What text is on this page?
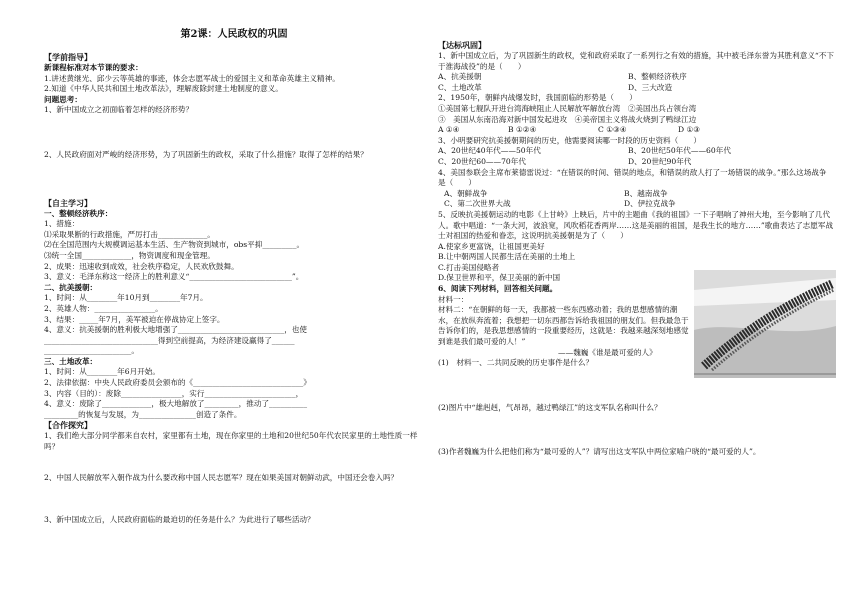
第2课：人民政权的巩固
【学前指导】
新课程标准对本节课的要求：
1.讲述黄继光、邱少云等英雄的事迹，体会志愿军战士的爱国主义和革命英雄主义精神。
2.知道《中华人民共和国土地改革法》，理解废除封建土地制度的意义。
问题思考：
1、新中国成立之初面临着怎样的经济形势？
2、人民政府面对严峻的经济形势，为了巩固新生的政权，采取了什么措施？取得了怎样的结果？
【自主学习】
一、整顿经济秩序：
1、措施：
⑴采取果断的行政措施，严厉打击_____________。
⑵在全国范围内大规模调运基本生活、生产物资到城市，obs平抑_________。
⑶统一全国_____________，物资调度和现金管理。
2、成果：迅速收到成效，社会秩序稳定，人民欢欣鼓舞。
3、意义：毛泽东称这一经济上的胜利意义“___________________________”。
二、抗美援朝：
1、时间：从________年10月到________年7月。
2、英雄人物：________________。
3、结果：_____年7月，美军被迫在停战协定上签字。
4、意义：抗美援朝的胜利极大地增强了____________________________，也使
______________________________得到空前提高，为经济建设赢得了______
_______________________。
三、土地改革：
1、时间：从________年6月开始。
2、法律依据：中央人民政府委员会颁布的《_____________________________》
3、内容（目的）：废除________________，实行________________________，
4、意义：废除了_____________，极大地解放了_________，推动了__________
_________的恢复与发展，为_______________创造了条件。
【合作探究】
1、我们绝大部分同学都来自农村，家里都有土地，现在你家里的土地和20世纪50年代农民家里的土地性质一样吗？
2、中国人民解放军入朝作战为什么要改称中国人民志愿军？现在如果美国对朝鲜动武，中国还会卷入吗？
3、新中国成立后，人民政府面临的最迫切的任务是什么？为此进行了哪些活动？
【达标巩固】
1、新中国成立后，为了巩固新生的政权，党和政府采取了一系列行之有效的措施，其中被毛泽东誉为其胜利意义“不下于淮海战役”的是（　　）
A、抗美援朝	B、整顿经济秩序
C、土地改革	D、三大改造
2、1950年，朝鲜内战爆发时，我国面临的形势是（　　）
①美国第七舰队开进台湾海峡阻止人民解放军解放台湾　②美国出兵占领台湾
③　美国从东南沿海对新中国发起进攻　④美帝国主义将战火烧到了鸭绿江边
A ①④	B ①②④	C ①③④	D ①③
3、小明要研究抗美援朝期间的历史，他需要阅读哪一时段的历史资料（　　）
A、20世纪40年代——50年代	B、20世纪50年代——60年代
C、20世纪60——70年代	D、20世纪90年代
4、美国参联会主席布莱德雷说过：“在错误的时间、错误的地点，和错误的敌人打了一场错误的战争。”那么这场战争是（　　）
A、朝鲜战争	B、越南战争
C、第二次世界大战	D、伊拉克战争
5、反映抗美援朝运动的电影《上甘岭》上映后，片中的主题曲《我的祖国》一下子唱响了神州大地，至今影响了几代人。歌中唱道：“一条大河，波浪宽，风吹稻花香两岸……这是美丽的祖国，是我生长的地方……”歌曲表达了志愿军战士对祖国的热爱和眷恋，这说明抗美援朝是为了（　　）
A.使家乡更富饶，让祖国更美好
B.让中朝两国人民都生活在美丽的土地上
C.打击美国侵略者
D.保卫世界和平，保卫美丽的新中国
6、阅读下列材料，回答相关问题。
材料一：
材料二：“在朝鲜的每一天，我都被一些东西感动着；我的思想感情的潮水，在放纵奔流着；我想把一切东西都告诉给我祖国的朋友们。但我最急于告诉你们的，是我思想感情的一段重要经历，这就是：我越来越深刻地感觉到谁是我们最可爱的人！”
——魏巍《谁是最可爱的人》
(1)　材料一、二共同反映的历史事件是什么？
(2)图片中“雄赳赳，气昂昂，越过鸭绿江”的这支军队名称叫什么？
(3)作者魏巍为什么把他们称为“最可爱的人”？请写出这支军队中两位家喻户晓的“最可爱的人”。
